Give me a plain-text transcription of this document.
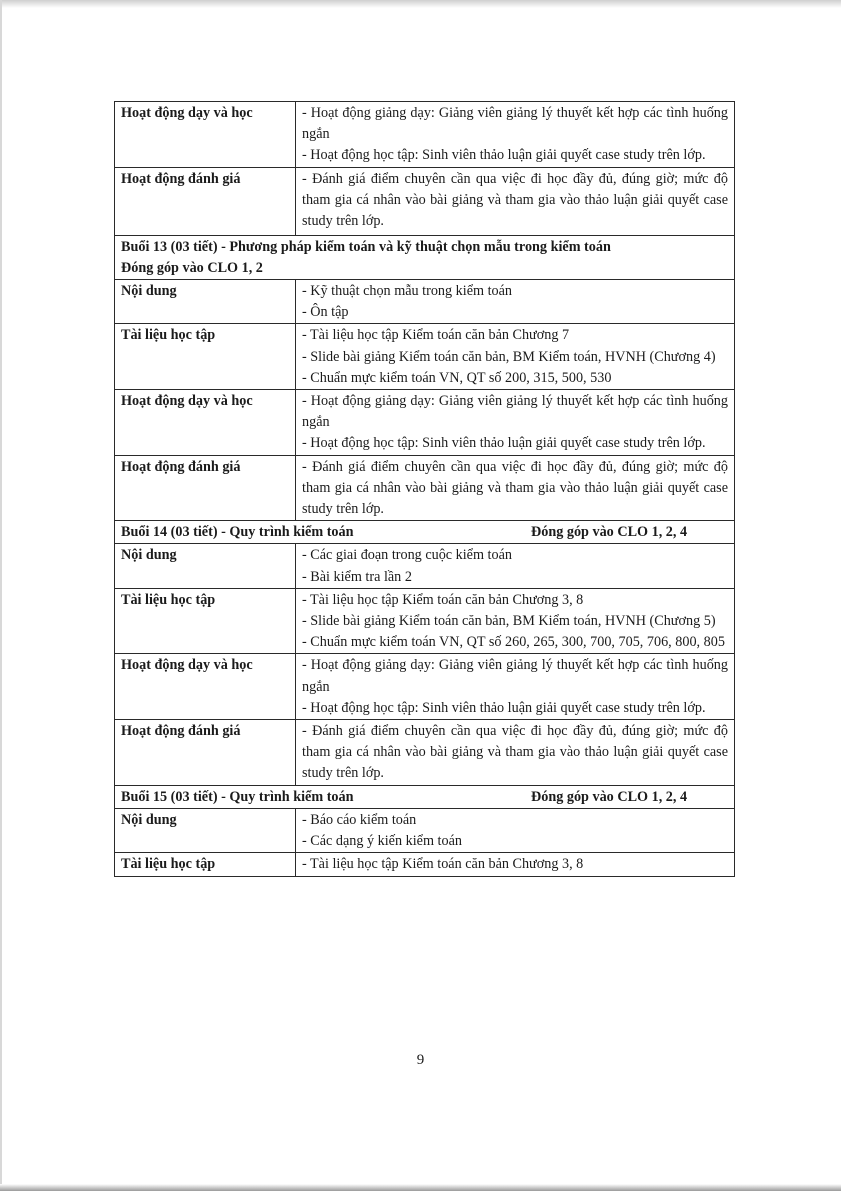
Hoạt động dạy và học	- Hoạt động giảng dạy: Giảng viên giảng lý thuyết kết hợp các tình huống ngắn
- Hoạt động học tập: Sinh viên thảo luận giải quyết case study trên lớp.

Hoạt động đánh giá	- Đánh giá điểm chuyên cần qua việc đi học đầy đủ, đúng giờ; mức độ tham gia cá nhân vào bài giảng và tham gia vào thảo luận giải quyết case study trên lớp.

Buổi 13 (03 tiết) - Phương pháp kiểm toán và kỹ thuật chọn mẫu trong kiểm toán
Đóng góp vào CLO 1, 2	

Nội dung	- Kỹ thuật chọn mẫu trong kiểm toán
- Ôn tập

Tài liệu học tập	- Tài liệu học tập Kiểm toán căn bản Chương 7
- Slide bài giảng Kiểm toán căn bản, BM Kiểm toán, HVNH (Chương 4)
- Chuẩn mực kiểm toán VN, QT số 200, 315, 500, 530

Hoạt động dạy và học	- Hoạt động giảng dạy: Giảng viên giảng lý thuyết kết hợp các tình huống ngắn
- Hoạt động học tập: Sinh viên thảo luận giải quyết case study trên lớp.

Hoạt động đánh giá	- Đánh giá điểm chuyên cần qua việc đi học đầy đủ, đúng giờ; mức độ tham gia cá nhân vào bài giảng và tham gia vào thảo luận giải quyết case study trên lớp.

Buổi 14 (03 tiết) - Quy trình kiểm toán Đóng góp vào CLO 1, 2, 4	

Nội dung	- Các giai đoạn trong cuộc kiểm toán
- Bài kiểm tra lần 2

Tài liệu học tập	- Tài liệu học tập Kiểm toán căn bản Chương 3, 8
- Slide bài giảng Kiểm toán căn bản, BM Kiểm toán, HVNH (Chương 5)
- Chuẩn mực kiểm toán VN, QT số 260, 265, 300, 700, 705, 706, 800, 805

Hoạt động dạy và học	- Hoạt động giảng dạy: Giảng viên giảng lý thuyết kết hợp các tình huống ngắn
- Hoạt động học tập: Sinh viên thảo luận giải quyết case study trên lớp.

Hoạt động đánh giá	- Đánh giá điểm chuyên cần qua việc đi học đầy đủ, đúng giờ; mức độ tham gia cá nhân vào bài giảng và tham gia vào thảo luận giải quyết case study trên lớp.

Buổi 15 (03 tiết) - Quy trình kiểm toán Đóng góp vào CLO 1, 2, 4	

Nội dung	- Báo cáo kiểm toán
- Các dạng ý kiến kiểm toán

Tài liệu học tập	- Tài liệu học tập Kiểm toán căn bản Chương 3, 8
9
